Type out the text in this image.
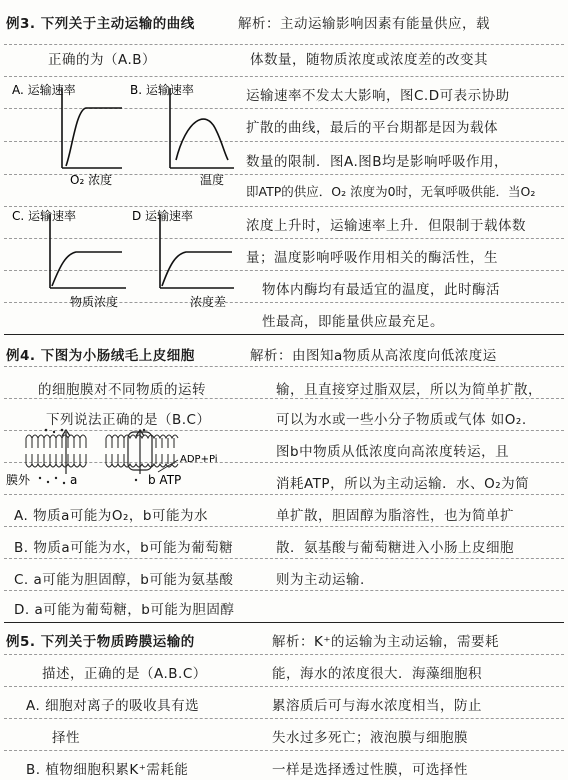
例3. 下列关于主动运输的曲线
正确的为（A.B）
A. 运输速率
O₂ 浓度
B. 运输速率
温度
C. 运输速率
物质浓度
D 运输速率
浓度差
解析：主动运输影响因素有能量供应，载
体数量，随物质浓度或浓度差的改变其
运输速率不发太大影响，图C.D可表示协助
扩散的曲线，最后的平台期都是因为载体
数量的限制．图A.图B均是影响呼吸作用，
即ATP的供应．O₂ 浓度为0时，无氧呼吸供能．当O₂
浓度上升时，运输速率上升．但限制于载体数
量；温度影响呼吸作用相关的酶活性，生
物体内酶均有最适宜的温度，此时酶活
性最高，即能量供应最充足。
例4. 下图为小肠绒毛上皮细胞
的细胞膜对不同物质的运转
下列说法正确的是（B.C）
ADP+Pi
膜外	a	b ATP
A. 物质a可能为O₂，b可能为水
B. 物质a可能为水，b可能为葡萄糖
C. a可能为胆固醇，b可能为氨基酸
D. a可能为葡萄糖，b可能为胆固醇
解析：由图知a物质从高浓度向低浓度运
输，且直接穿过脂双层，所以为简单扩散，
可以为水或一些小分子物质或气体 如O₂.
图b中物质从低浓度向高浓度转运，且
消耗ATP，所以为主动运输．水、O₂为简
单扩散，胆固醇为脂溶性，也为简单扩
散．氨基酸与葡萄糖进入小肠上皮细胞
则为主动运输.
例5. 下列关于物质跨膜运输的
描述，正确的是（A.B.C）
A. 细胞对离子的吸收具有选
择性
B. 植物细胞积累K⁺需耗能
解析：K⁺的运输为主动运输，需要耗
能，海水的浓度很大．海藻细胞积
累溶质后可与海水浓度相当，防止
失水过多死亡；液泡膜与细胞膜
一样是选择透过性膜，可选择性
